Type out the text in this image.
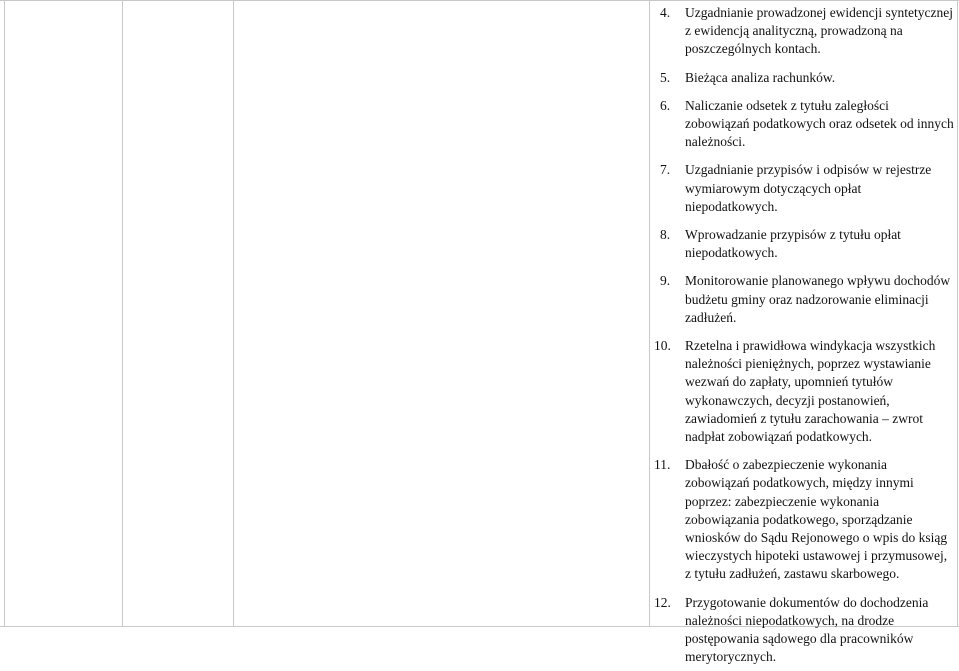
4. Uzgadnianie prowadzonej ewidencji syntetycznej z ewidencją analityczną, prowadzoną na poszczególnych kontach.
5. Bieżąca analiza rachunków.
6. Naliczanie odsetek z tytułu zaległości zobowiązań podatkowych oraz odsetek od innych należności.
7. Uzgadnianie przypisów i odpisów w rejestrze wymiarowym dotyczących opłat niepodatkowych.
8. Wprowadzanie przypisów z tytułu opłat niepodatkowych.
9. Monitorowanie planowanego wpływu dochodów budżetu gminy oraz nadzorowanie eliminacji zadłużeń.
10. Rzetelna i prawidłowa windykacja wszystkich należności pieniężnych, poprzez wystawianie wezwań do zapłaty, upomnień tytułów wykonawczych, decyzji postanowień, zawiadomień z tytułu zarachowania – zwrot nadpłat zobowiązań podatkowych.
11. Dbałość o zabezpieczenie wykonania zobowiązań podatkowych, między innymi poprzez: zabezpieczenie wykonania zobowiązania podatkowego, sporządzanie wniosków do Sądu Rejonowego o wpis do ksiąg wieczystych hipoteki ustawowej i przymusowej, z tytułu zadłużeń, zastawu skarbowego.
12. Przygotowanie dokumentów do dochodzenia należności niepodatkowych, na drodze postępowania sądowego dla pracowników merytorycznych.
